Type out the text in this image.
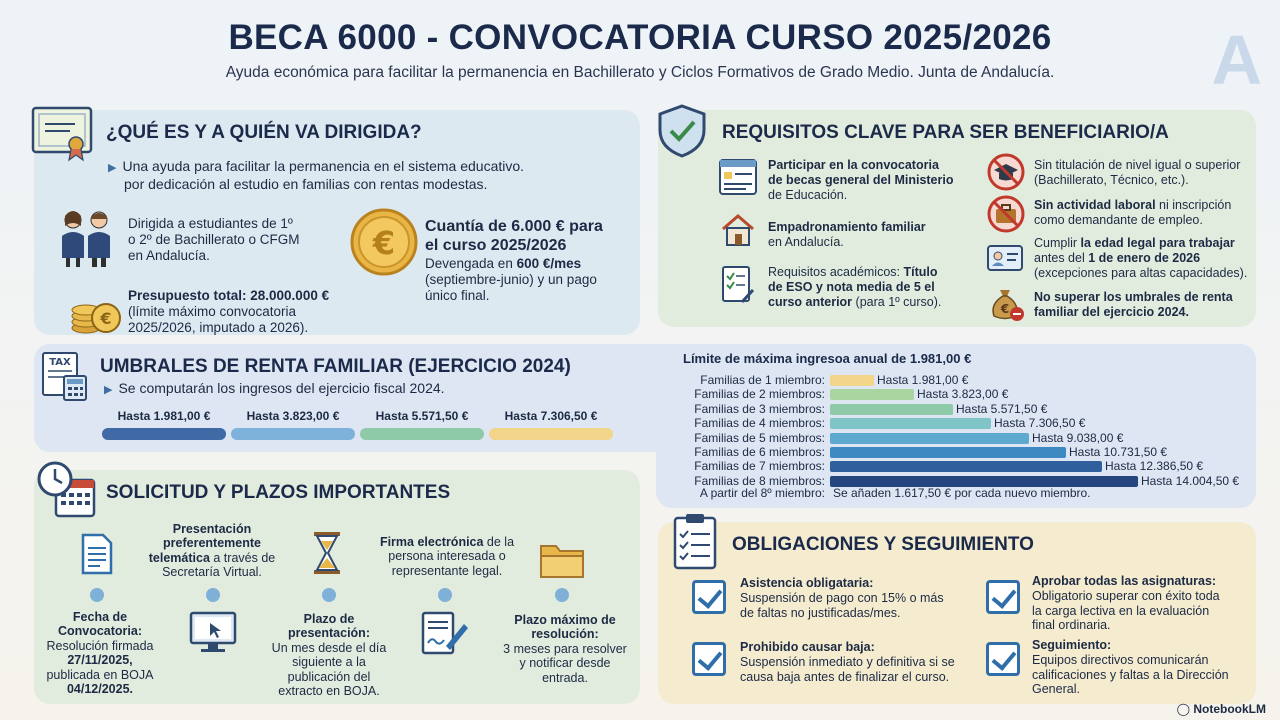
A
BECA 6000 - CONVOCATORIA CURSO 2025/2026
Ayuda económica para facilitar la permanencia en Bachillerato y Ciclos Formativos de Grado Medio. Junta de Andalucía.
¿QUÉ ES Y A QUIÉN VA DIRIGIDA?
▶ Una ayuda para facilitar la permanencia en el sistema educativo.
por dedicación al estudio en familias con rentas modestas.
Dirigida a estudiantes de 1º
o 2º de Bachillerato o CFGM
en Andalucía.
€
Presupuesto total: 28.000.000 €
(límite máximo convocatoria
2025/2026, imputado a 2026).
€ Cuantía de 6.000 € para
el curso 2025/2026
Devengada en 600 €/mes
(septiembre-junio) y un pago
único final.
REQUISITOS CLAVE PARA SER BENEFICIARIO/A
Participar en la convocatoria
de becas general del Ministerio
de Educación.
Empadronamiento familiar
en Andalucía.
Requisitos académicos: Título
de ESO y nota media de 5 el
curso anterior (para 1º curso).
Sin titulación de nivel igual o superior
(Bachillerato, Técnico, etc.).
Sin actividad laboral ni inscripción
como demandante de empleo.
Cumplir la edad legal para trabajar
antes del 1 de enero de 2026
(excepciones para altas capacidades).
€
No superar los umbrales de renta
familiar del ejercicio 2024.
TAX UMBRALES DE RENTA FAMILIAR (EJERCICIO 2024)
▶ Se computarán los ingresos del ejercicio fiscal 2024.
Hasta 1.981,00 €	Hasta 3.823,00 €	Hasta 5.571,50 €	Hasta 7.306,50 €
Límite de máxima ingresoa anual de 1.981,00 €
Familias de 1 miembro:	Hasta 1.981,00 €
Familias de 2 miembros:	Hasta 3.823,00 €
Familias de 3 miembros:	Hasta 5.571,50 €
Familias de 4 miembros:	Hasta 7.306,50 €
Familias de 5 miembros:	Hasta 9.038,00 €
Familias de 6 miembros:	Hasta 10.731,50 €
Familias de 7 miembros:	Hasta 12.386,50 €
Familias de 8 miembros:	Hasta 14.004,50 €
A partir del 8º miembro: Se añaden 1.617,50 € por cada nuevo miembro.
SOLICITUD Y PLAZOS IMPORTANTES
Fecha de
Convocatoria:
Resolución firmada
27/11/2025,
publicada en BOJA
04/12/2025.
Presentación
preferentemente
telemática a través de
Secretaría Virtual.
Plazo de
presentación:
Un mes desde el día
siguiente a la
publicación del
extracto en BOJA.
Firma electrónica de la
persona interesada o
representante legal.
Plazo máximo de
resolución:
3 meses para resolver
y notificar desde
entrada.
OBLIGACIONES Y SEGUIMIENTO
Asistencia obligataria:
Suspensión de pago con 15% o más
de faltas no justificadas/mes.
Prohibido causar baja:
Suspensión inmediato y definitiva si se
causa baja antes de finalizar el curso.
Aprobar todas las asignaturas:
Obligatorio superar con éxito toda
la carga lectiva en la evaluación
final ordinaria.
Seguimiento:
Equipos directivos comunicarán
calificaciones y faltas a la Dirección
General.
◯ NotebookLM
